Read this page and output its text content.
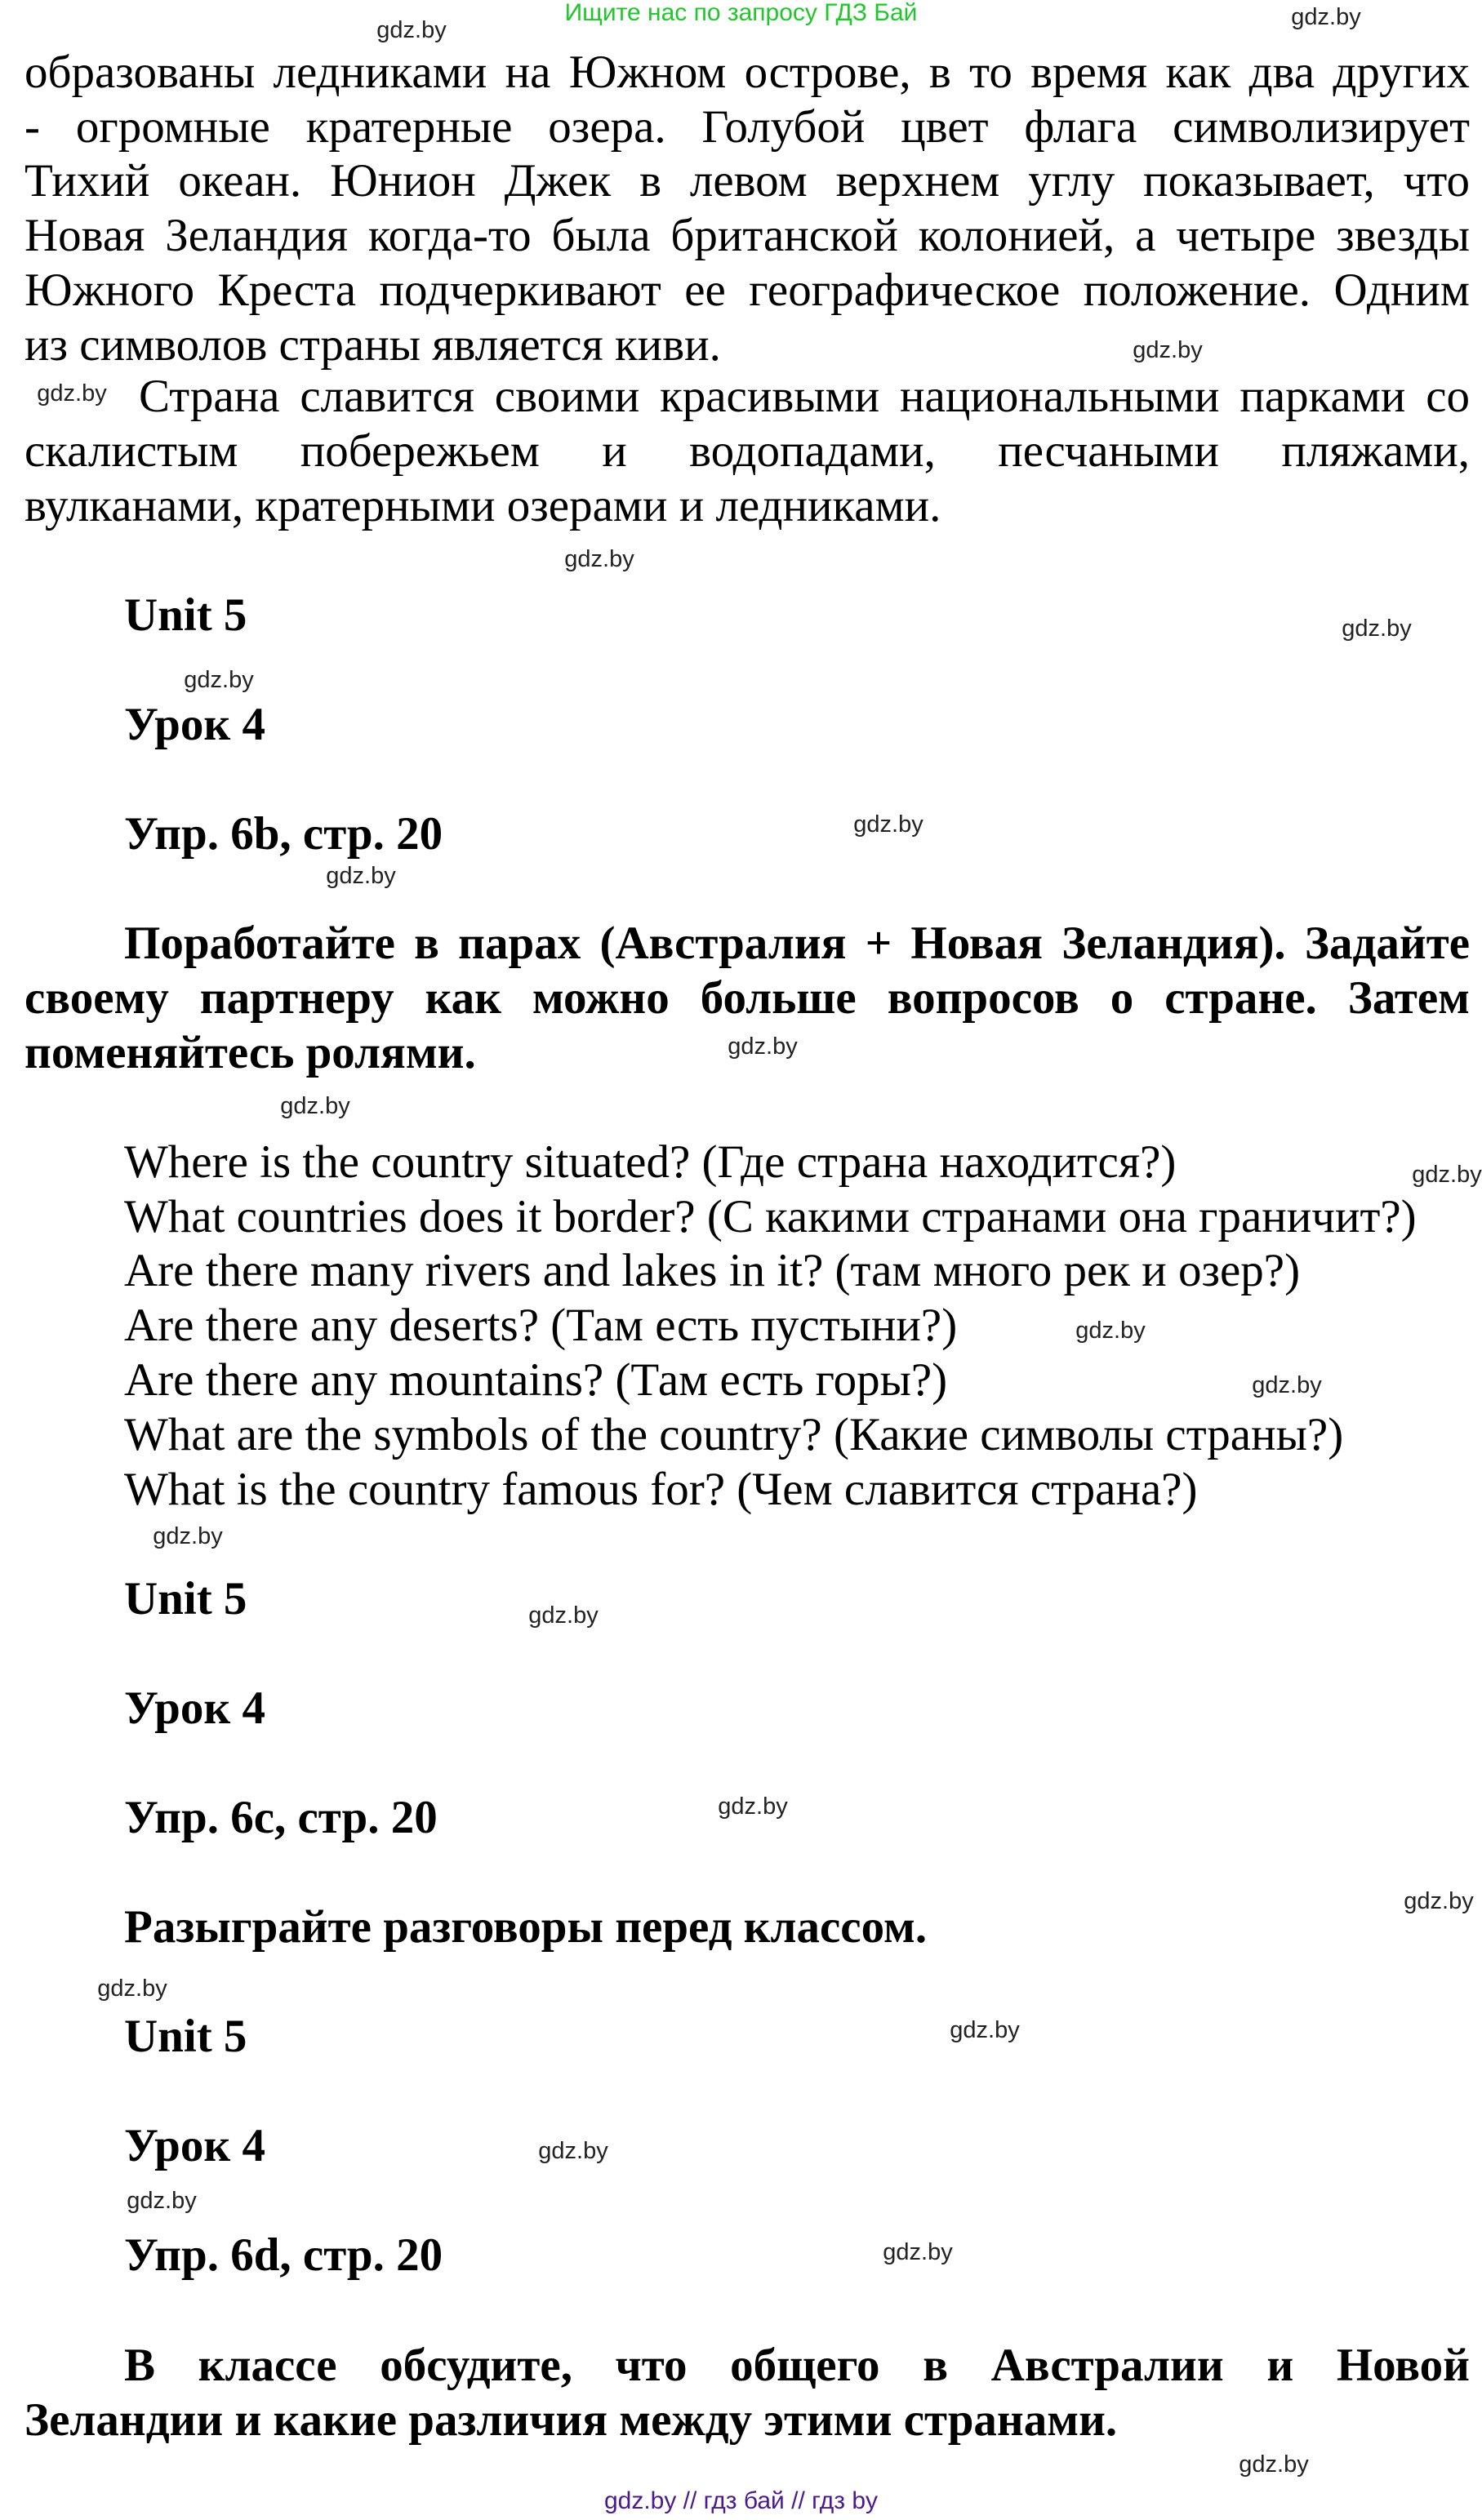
Ищите нас по запросу ГДЗ Бай
образованы ледниками на Южном острове, в то время как два других
- огромные кратерные озера. Голубой цвет флага символизирует
Тихий океан. Юнион Джек в левом верхнем углу показывает, что
Новая Зеландия когда-то была британской колонией, а четыре звезды
Южного Креста подчеркивают ее географическое положение. Одним
из символов страны является киви.
Страна славится своими красивыми национальными парками со
скалистым побережьем и водопадами, песчаными пляжами,
вулканами, кратерными озерами и ледниками.
Unit 5
Урок 4
Упр. 6b, стр. 20
Поработайте в парах (Австралия + Новая Зеландия). Задайте
своему партнеру как можно больше вопросов о стране. Затем
поменяйтесь ролями.
Where is the country situated? (Где страна находится?)
What countries does it border? (С какими странами она граничит?)
Are there many rivers and lakes in it? (там много рек и озер?)
Are there any deserts? (Там есть пустыни?)
Are there any mountains? (Там есть горы?)
What are the symbols of the country? (Какие символы страны?)
What is the country famous for? (Чем славится страна?)
Unit 5
Урок 4
Упр. 6c, стр. 20
Разыграйте разговоры перед классом.
Unit 5
Урок 4
Упр. 6d, стр. 20
В классе обсудите, что общего в Австралии и Новой
Зеландии и какие различия между этими странами.
gdz.by	gdz.by
gdz.by
gdz.by
gdz.by
gdz.by
gdz.by
gdz.by
gdz.by
gdz.by
gdz.by
gdz.by
gdz.by
gdz.by
gdz.by
gdz.by
gdz.by
gdz.by
gdz.by
gdz.by
gdz.by
gdz.by
gdz.by
gdz.by
gdz.by // гдз бай // гдз by
